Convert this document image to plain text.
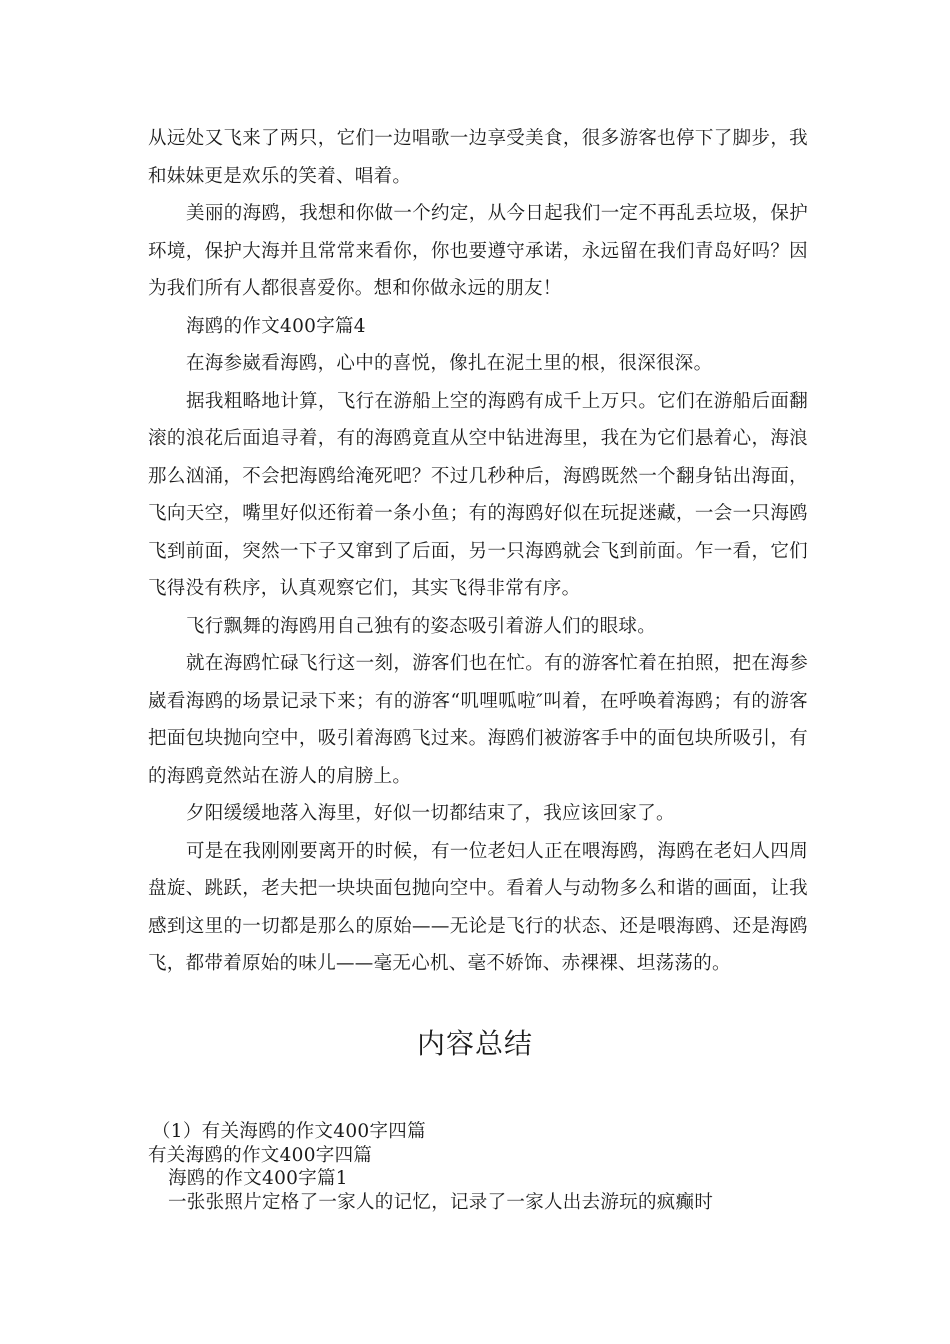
从远处又飞来了两只，它们一边唱歌一边享受美食，很多游客也停下了脚步，我和妹妹更是欢乐的笑着、唱着。

美丽的海鸥，我想和你做一个约定，从今日起我们一定不再乱丢垃圾，保护环境，保护大海并且常常来看你，你也要遵守承诺，永远留在我们青岛好吗？因为我们所有人都很喜爱你。想和你做永远的朋友！

海鸥的作文400字篇4

在海参崴看海鸥，心中的喜悦，像扎在泥土里的根，很深很深。

据我粗略地计算，飞行在游船上空的海鸥有成千上万只。它们在游船后面翻滚的浪花后面追寻着，有的海鸥竟直从空中钻进海里，我在为它们悬着心，海浪那么汹涌，不会把海鸥给淹死吧？不过几秒种后，海鸥既然一个翻身钻出海面，飞向天空，嘴里好似还衔着一条小鱼；有的海鸥好似在玩捉迷藏，一会一只海鸥飞到前面，突然一下子又窜到了后面，另一只海鸥就会飞到前面。乍一看，它们飞得没有秩序，认真观察它们，其实飞得非常有序。

飞行飘舞的海鸥用自己独有的姿态吸引着游人们的眼球。

就在海鸥忙碌飞行这一刻，游客们也在忙。有的游客忙着在拍照，把在海参崴看海鸥的场景记录下来；有的游客“叽哩呱啦″叫着，在呼唤着海鸥；有的游客把面包块抛向空中，吸引着海鸥飞过来。海鸥们被游客手中的面包块所吸引，有的海鸥竟然站在游人的肩膀上。

夕阳缓缓地落入海里，好似一切都结束了，我应该回家了。

可是在我刚刚要离开的时候，有一位老妇人正在喂海鸥，海鸥在老妇人四周盘旋、跳跃，老夫把一块块面包抛向空中。看着人与动物多么和谐的画面，让我感到这里的一切都是那么的原始——无论是飞行的状态、还是喂海鸥、还是海鸥飞，都带着原始的味儿——毫无心机、毫不娇饰、赤裸裸、坦荡荡的。

内容总结
（1）有关海鸥的作文400字四篇
有关海鸥的作文400字四篇
海鸥的作文400字篇1
一张张照片定格了一家人的记忆，记录了一家人出去游玩的疯癫时
